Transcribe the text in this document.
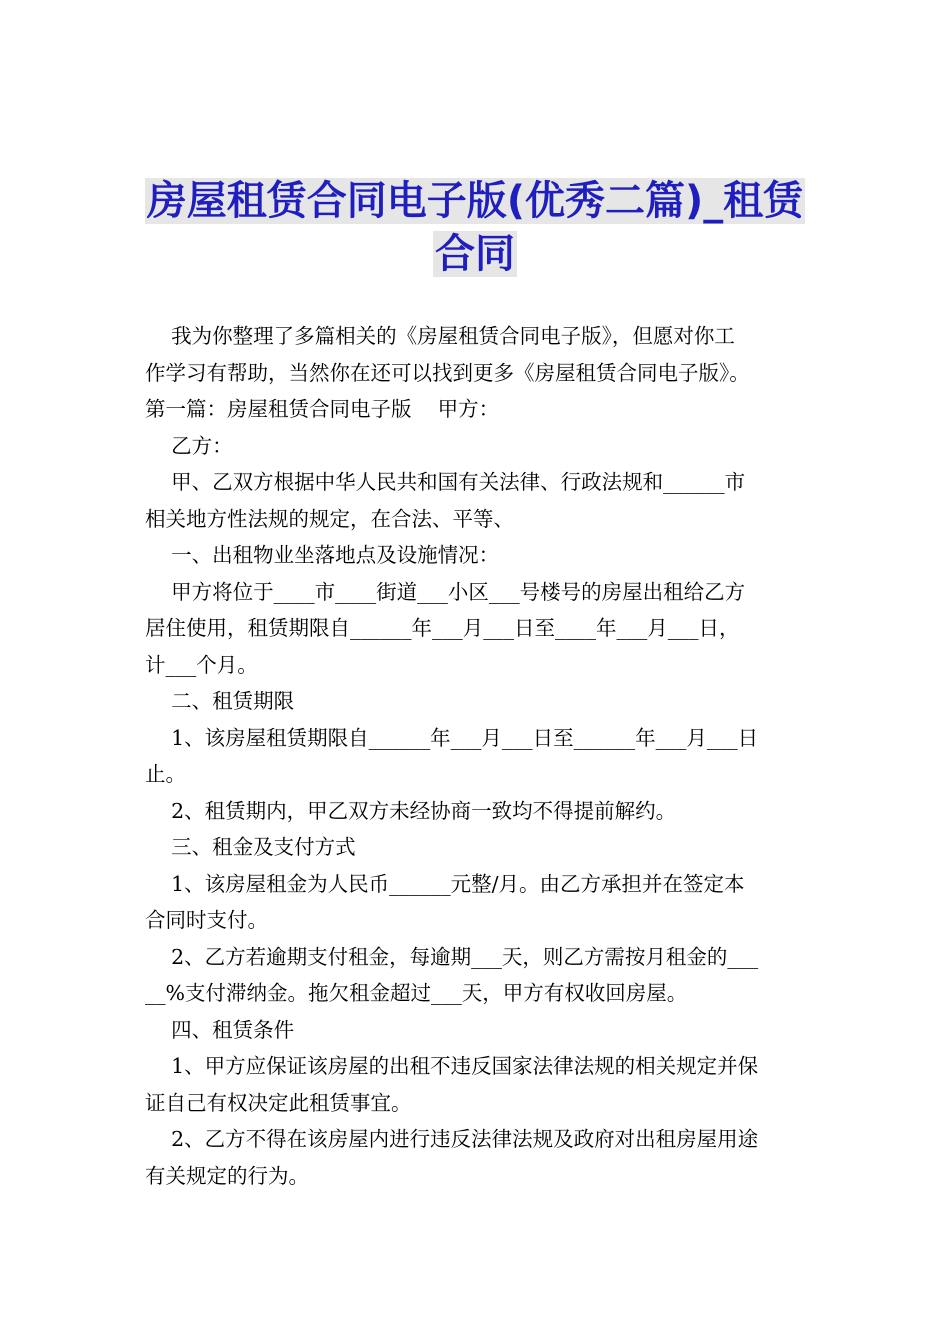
房屋租赁合同电子版(优秀二篇)_租赁
合同
我为你整理了多篇相关的《房屋租赁合同电子版》，但愿对你工
作学习有帮助，当然你在还可以找到更多《房屋租赁合同电子版》。
第一篇：房屋租赁合同电子版    甲方：
乙方：
甲、乙双方根据中华人民共和国有关法律、行政法规和______市
相关地方性法规的规定，在合法、平等、
一、出租物业坐落地点及设施情况：
甲方将位于____市____街道___小区___号楼号的房屋出租给乙方
居住使用，租赁期限自______年___月___日至____年___月___日，
计___个月。
二、租赁期限
1、该房屋租赁期限自______年___月___日至______年___月___日
止。
2、租赁期内，甲乙双方未经协商一致均不得提前解约。
三、租金及支付方式
1、该房屋租金为人民币______元整/月。由乙方承担并在签定本
合同时支付。
2、乙方若逾期支付租金，每逾期___天，则乙方需按月租金的___
__%支付滞纳金。拖欠租金超过___天，甲方有权收回房屋。
四、租赁条件
1、甲方应保证该房屋的出租不违反国家法律法规的相关规定并保
证自己有权决定此租赁事宜。
2、乙方不得在该房屋内进行违反法律法规及政府对出租房屋用途
有关规定的行为。
